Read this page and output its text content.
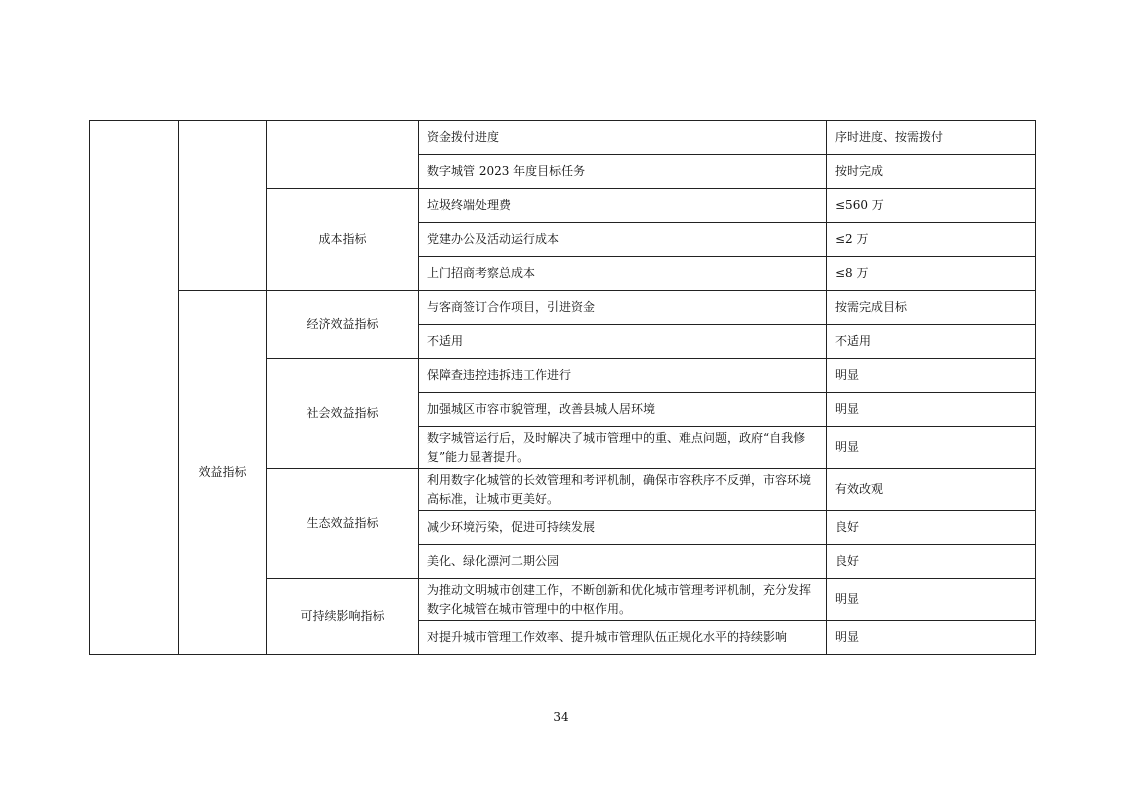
			资金拨付进度	序时进度、按需拨付
			数字城管 2023 年度目标任务	按时完成
		成本指标	垃圾终端处理费	≤560 万
			党建办公及活动运行成本	≤2 万
			上门招商考察总成本	≤8 万
	效益指标	经济效益指标	与客商签订合作项目，引进资金	按需完成目标
			不适用	不适用
		社会效益指标	保障查违控违拆违工作进行	明显
			加强城区市容市貌管理，改善县城人居环境	明显
			数字城管运行后，及时解决了城市管理中的重、难点问题，政府“自我修复”能力显著提升。	明显
		生态效益指标	利用数字化城管的长效管理和考评机制，确保市容秩序不反弹，市容环境高标准，让城市更美好。	有效改观
			减少环境污染，促进可持续发展	良好
			美化、绿化漂河二期公园	良好
		可持续影响指标	为推动文明城市创建工作，不断创新和优化城市管理考评机制，充分发挥数字化城管在城市管理中的中枢作用。	明显
			对提升城市管理工作效率、提升城市管理队伍正规化水平的持续影响	明显
34
